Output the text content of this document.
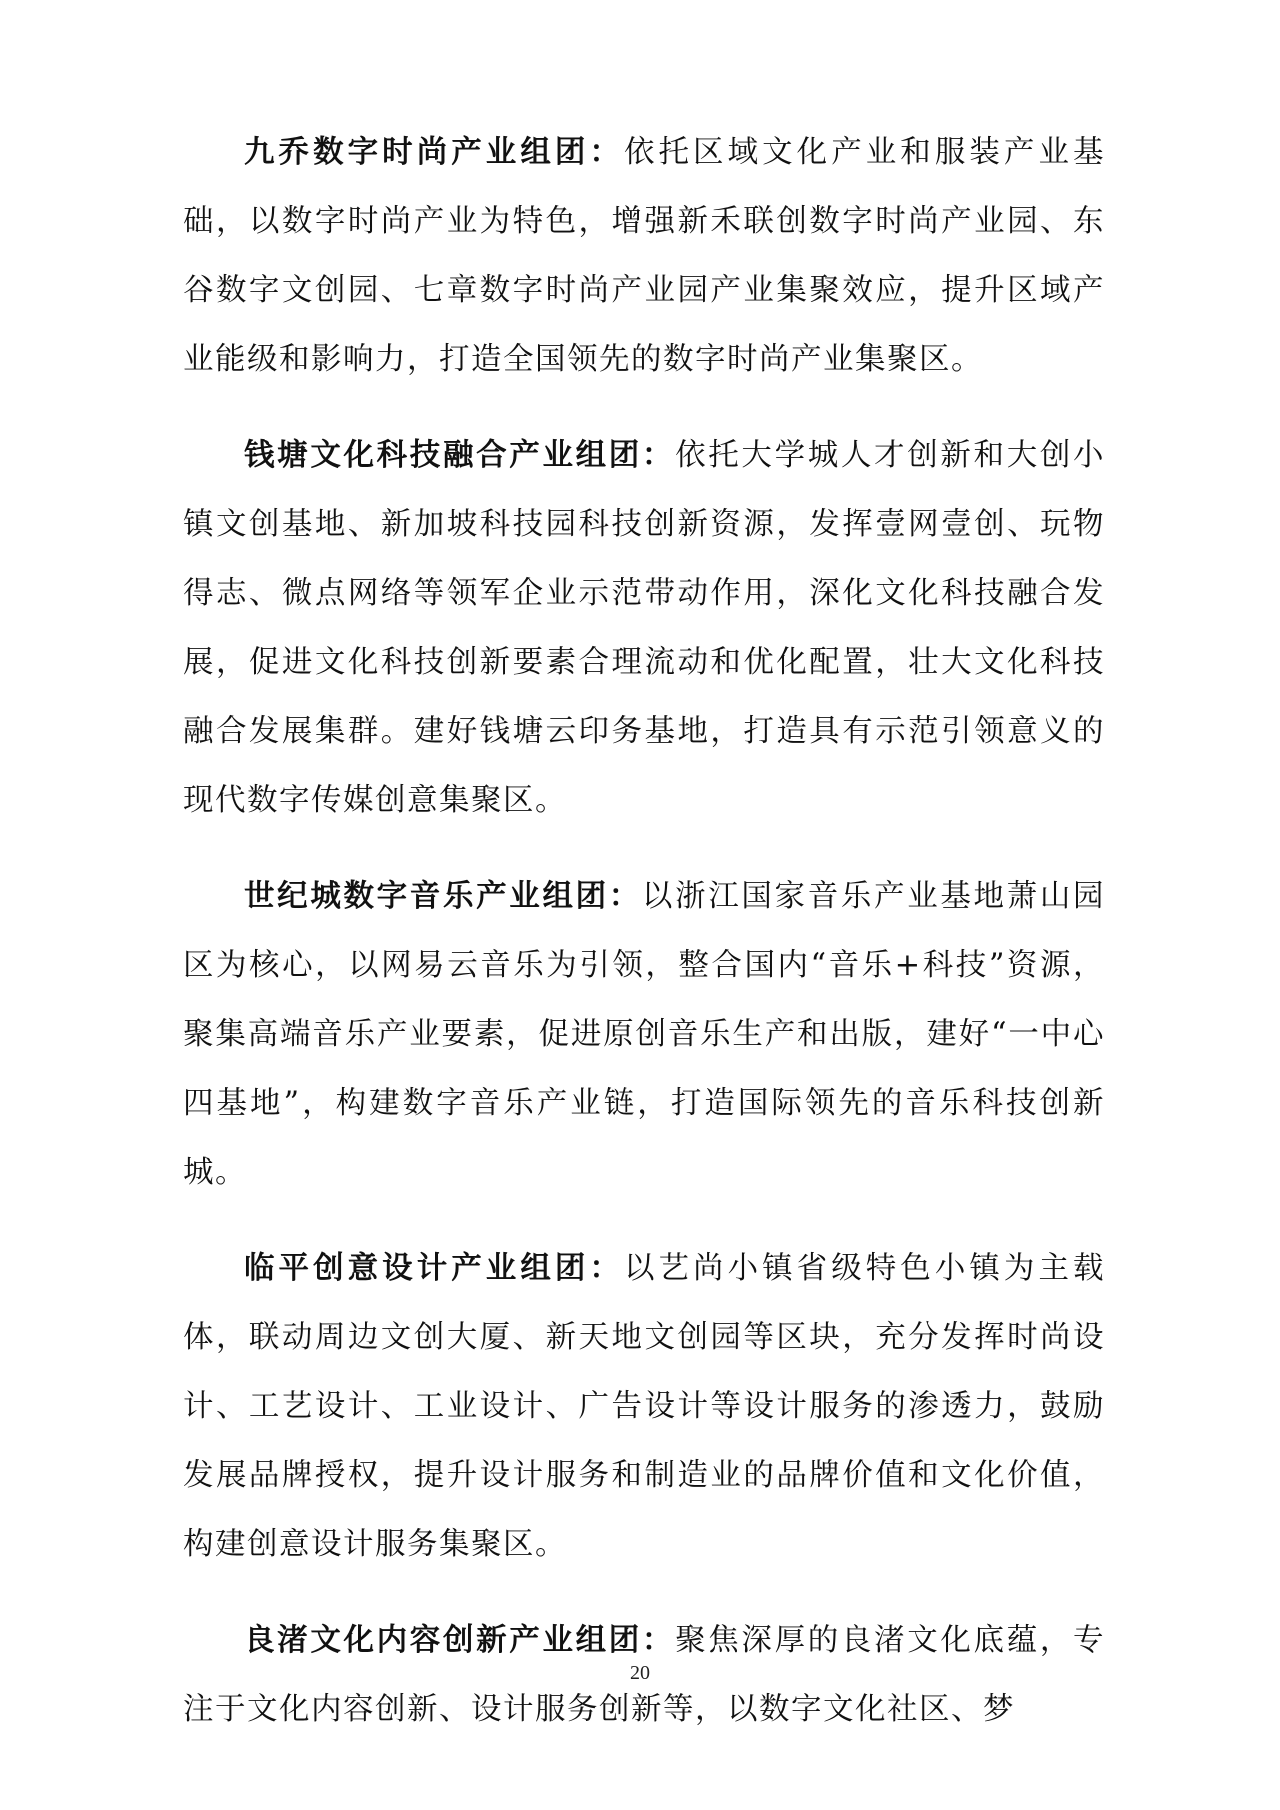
九乔数字时尚产业组团：依托区域文化产业和服装产业基础，以数字时尚产业为特色，增强新禾联创数字时尚产业园、东谷数字文创园、七章数字时尚产业园产业集聚效应，提升区域产业能级和影响力，打造全国领先的数字时尚产业集聚区。

钱塘文化科技融合产业组团：依托大学城人才创新和大创小镇文创基地、新加坡科技园科技创新资源，发挥壹网壹创、玩物得志、微点网络等领军企业示范带动作用，深化文化科技融合发展，促进文化科技创新要素合理流动和优化配置，壮大文化科技融合发展集群。建好钱塘云印务基地，打造具有示范引领意义的现代数字传媒创意集聚区。

世纪城数字音乐产业组团：以浙江国家音乐产业基地萧山园区为核心，以网易云音乐为引领，整合国内“音乐+科技”资源，聚集高端音乐产业要素，促进原创音乐生产和出版，建好“一中心四基地”，构建数字音乐产业链，打造国际领先的音乐科技创新城。

临平创意设计产业组团：以艺尚小镇省级特色小镇为主载体，联动周边文创大厦、新天地文创园等区块，充分发挥时尚设计、工艺设计、工业设计、广告设计等设计服务的渗透力，鼓励发展品牌授权，提升设计服务和制造业的品牌价值和文化价值，构建创意设计服务集聚区。

良渚文化内容创新产业组团：聚焦深厚的良渚文化底蕴，专注于文化内容创新、设计服务创新等，以数字文化社区、梦

20
